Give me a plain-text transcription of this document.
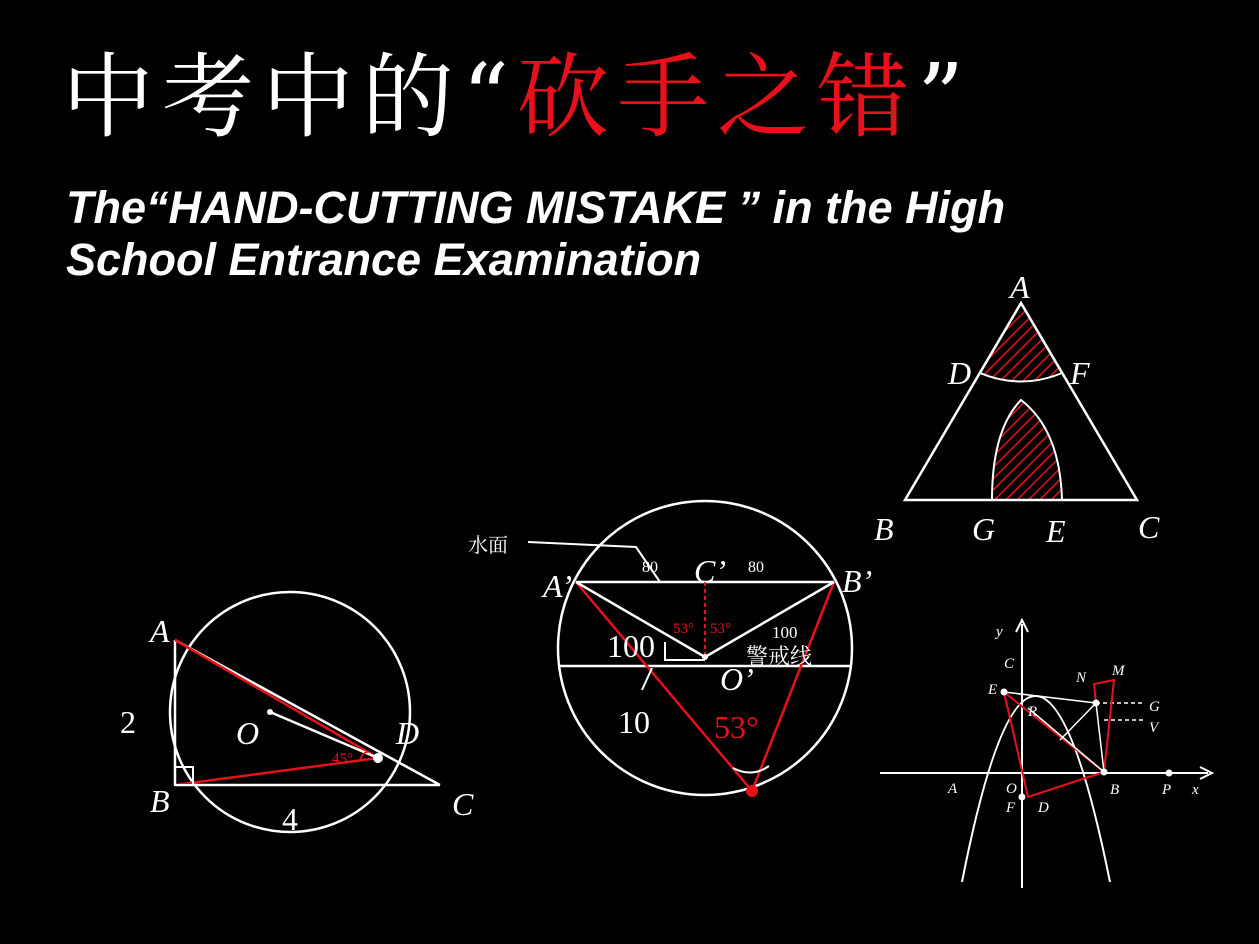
中考中的“砍手之错”
The“HAND-CUTTING MISTAKE ” in the High
School Entrance Examination
A
D	F
B G E C
45°
A
B	C
D
O
2
4
水面
警戒线
A’	C’	B’
O’
80	80
100	100
10
53° 53°
53°
y
x
C
E
N M
R	G
V
A	O
F D
B	P
